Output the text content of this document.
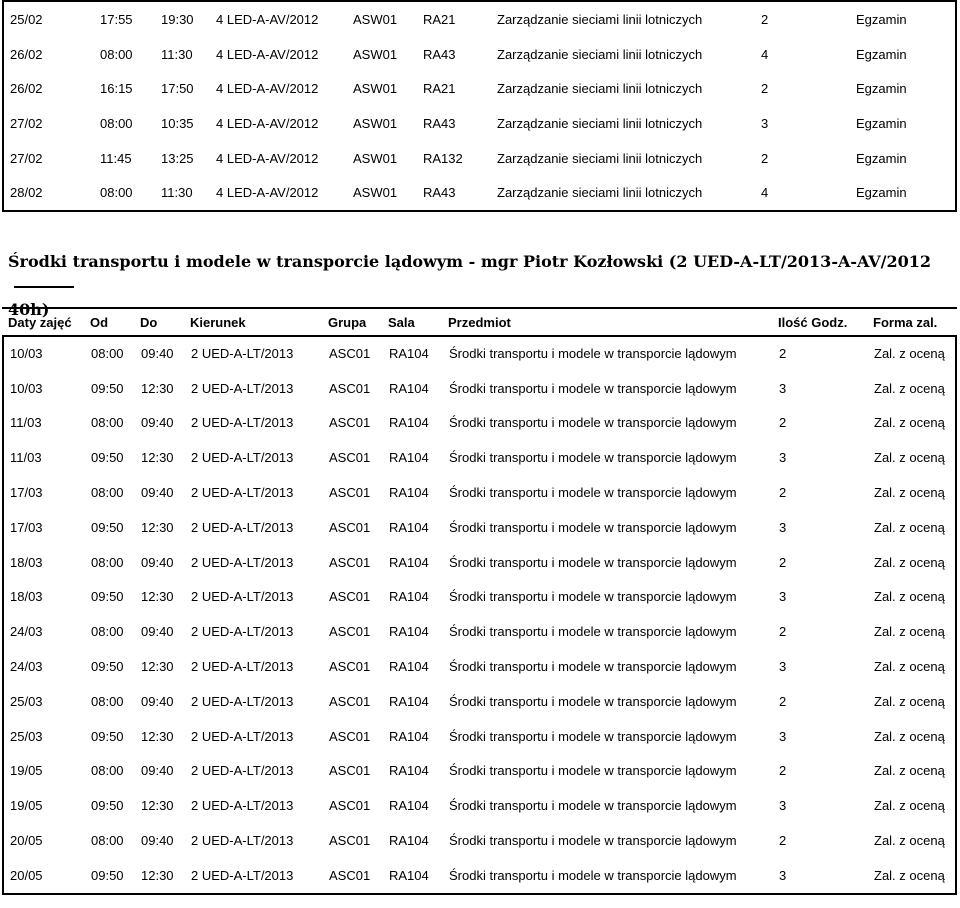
25/02	17:55	19:30	4 LED-A-AV/2012	ASW01	RA21	Zarządzanie sieciami linii lotniczych	2	Egzamin
26/02	08:00	11:30	4 LED-A-AV/2012	ASW01	RA43	Zarządzanie sieciami linii lotniczych	4	Egzamin
26/02	16:15	17:50	4 LED-A-AV/2012	ASW01	RA21	Zarządzanie sieciami linii lotniczych	2	Egzamin
27/02	08:00	10:35	4 LED-A-AV/2012	ASW01	RA43	Zarządzanie sieciami linii lotniczych	3	Egzamin
27/02	11:45	13:25	4 LED-A-AV/2012	ASW01	RA132	Zarządzanie sieciami linii lotniczych	2	Egzamin
28/02	08:00	11:30	4 LED-A-AV/2012	ASW01	RA43	Zarządzanie sieciami linii lotniczych	4	Egzamin
Środki transportu i modele w transporcie lądowym - mgr Piotr Kozłowski (2 UED-A-LT/2013-A-AV/2012
40h)
Daty zajęć	Od	Do	Kierunek	Grupa	Sala	Przedmiot	Ilość Godz.	Forma zal.
10/03	08:00	09:40	2 UED-A-LT/2013	ASC01	RA104	Środki transportu i modele w transporcie lądowym	2	Zal. z oceną
10/03	09:50	12:30	2 UED-A-LT/2013	ASC01	RA104	Środki transportu i modele w transporcie lądowym	3	Zal. z oceną
11/03	08:00	09:40	2 UED-A-LT/2013	ASC01	RA104	Środki transportu i modele w transporcie lądowym	2	Zal. z oceną
11/03	09:50	12:30	2 UED-A-LT/2013	ASC01	RA104	Środki transportu i modele w transporcie lądowym	3	Zal. z oceną
17/03	08:00	09:40	2 UED-A-LT/2013	ASC01	RA104	Środki transportu i modele w transporcie lądowym	2	Zal. z oceną
17/03	09:50	12:30	2 UED-A-LT/2013	ASC01	RA104	Środki transportu i modele w transporcie lądowym	3	Zal. z oceną
18/03	08:00	09:40	2 UED-A-LT/2013	ASC01	RA104	Środki transportu i modele w transporcie lądowym	2	Zal. z oceną
18/03	09:50	12:30	2 UED-A-LT/2013	ASC01	RA104	Środki transportu i modele w transporcie lądowym	3	Zal. z oceną
24/03	08:00	09:40	2 UED-A-LT/2013	ASC01	RA104	Środki transportu i modele w transporcie lądowym	2	Zal. z oceną
24/03	09:50	12:30	2 UED-A-LT/2013	ASC01	RA104	Środki transportu i modele w transporcie lądowym	3	Zal. z oceną
25/03	08:00	09:40	2 UED-A-LT/2013	ASC01	RA104	Środki transportu i modele w transporcie lądowym	2	Zal. z oceną
25/03	09:50	12:30	2 UED-A-LT/2013	ASC01	RA104	Środki transportu i modele w transporcie lądowym	3	Zal. z oceną
19/05	08:00	09:40	2 UED-A-LT/2013	ASC01	RA104	Środki transportu i modele w transporcie lądowym	2	Zal. z oceną
19/05	09:50	12:30	2 UED-A-LT/2013	ASC01	RA104	Środki transportu i modele w transporcie lądowym	3	Zal. z oceną
20/05	08:00	09:40	2 UED-A-LT/2013	ASC01	RA104	Środki transportu i modele w transporcie lądowym	2	Zal. z oceną
20/05	09:50	12:30	2 UED-A-LT/2013	ASC01	RA104	Środki transportu i modele w transporcie lądowym	3	Zal. z oceną
